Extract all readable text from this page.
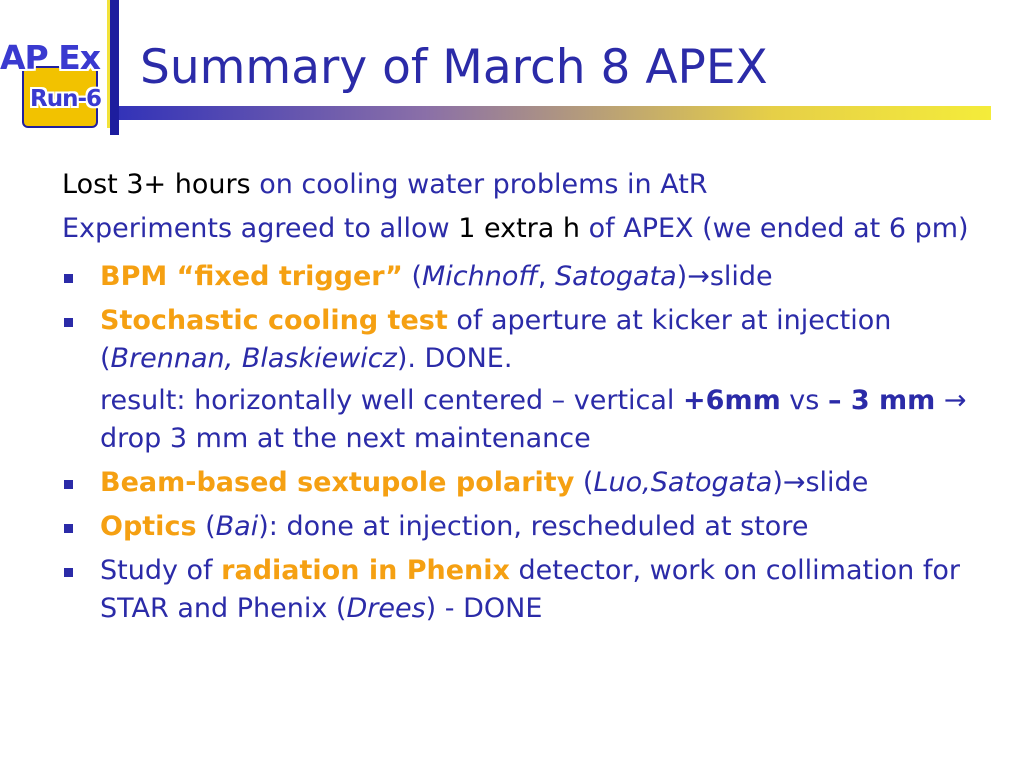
AP Ex
Run-6
Summary of March 8 APEX

Lost 3+ hours on cooling water problems in AtR

Experiments agreed to allow 1 extra h of APEX (we ended at 6 pm)

BPM “fixed trigger” (Michnoff, Satogata)→slide
Stochastic cooling test of aperture at kicker at injection (Brennan, Blaskiewicz). DONE.
result: horizontally well centered – vertical +6mm vs – 3 mm → drop 3 mm at the next maintenance
Beam-based sextupole polarity (Luo,Satogata)→slide
Optics (Bai): done at injection, rescheduled at store
Study of radiation in Phenix detector, work on collimation for STAR and Phenix (Drees) - DONE
